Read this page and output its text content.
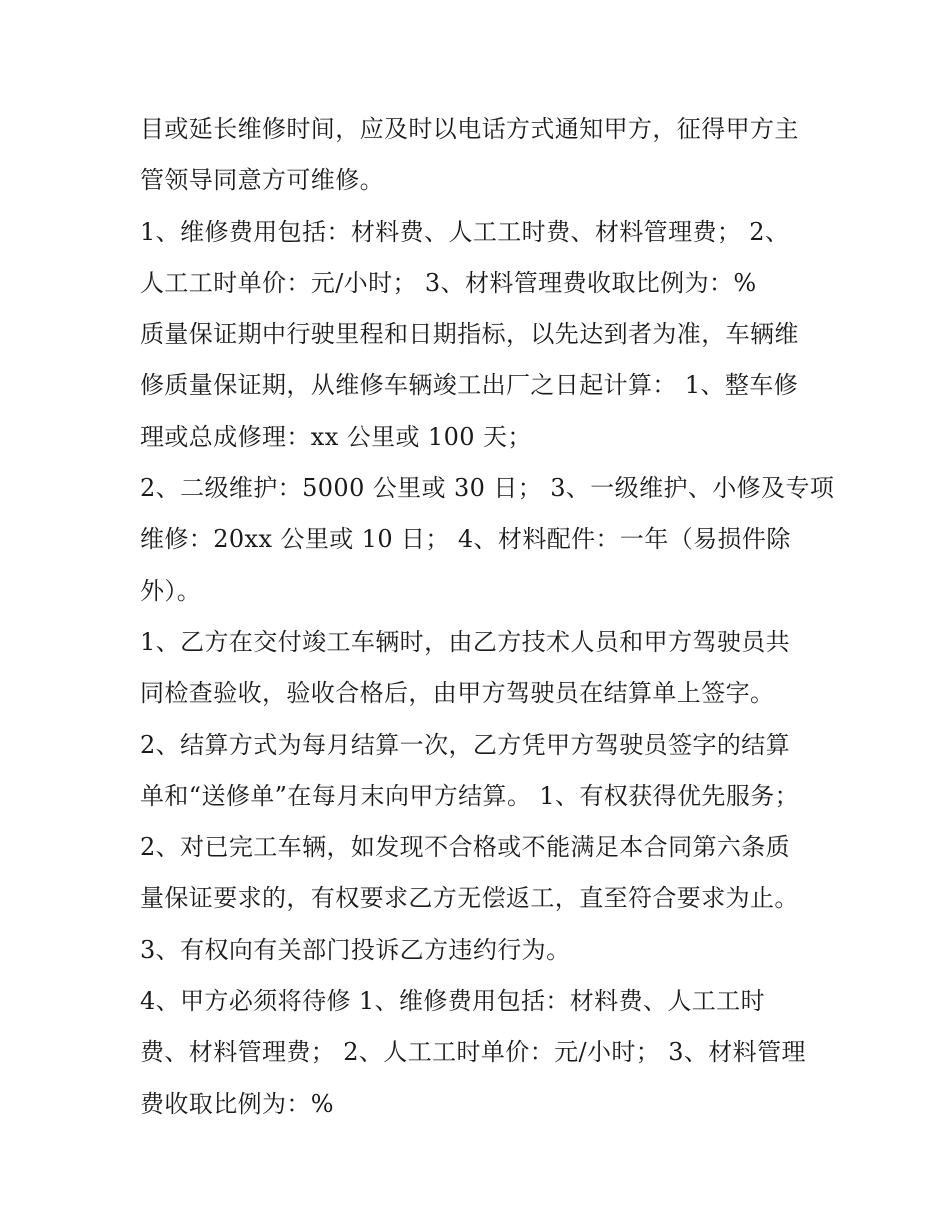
目或延长维修时间，应及时以电话方式通知甲方，征得甲方主
管领导同意方可维修。
1、维修费用包括：材料费、人工工时费、材料管理费； 2、
人工工时单价：元/小时； 3、材料管理费收取比例为：%
质量保证期中行驶里程和日期指标，以先达到者为准，车辆维
修质量保证期，从维修车辆竣工出厂之日起计算： 1、整车修
理或总成修理：xx 公里或 100 天；
2、二级维护：5000 公里或 30 日； 3、一级维护、小修及专项
维修：20xx 公里或 10 日； 4、材料配件：一年（易损件除
外）。
1、乙方在交付竣工车辆时，由乙方技术人员和甲方驾驶员共
同检查验收，验收合格后，由甲方驾驶员在结算单上签字。
2、结算方式为每月结算一次，乙方凭甲方驾驶员签字的结算
单和“送修单”在每月末向甲方结算。 1、有权获得优先服务；
2、对已完工车辆，如发现不合格或不能满足本合同第六条质
量保证要求的，有权要求乙方无偿返工，直至符合要求为止。
3、有权向有关部门投诉乙方违约行为。
4、甲方必须将待修 1、维修费用包括：材料费、人工工时
费、材料管理费； 2、人工工时单价：元/小时； 3、材料管理
费收取比例为：%
